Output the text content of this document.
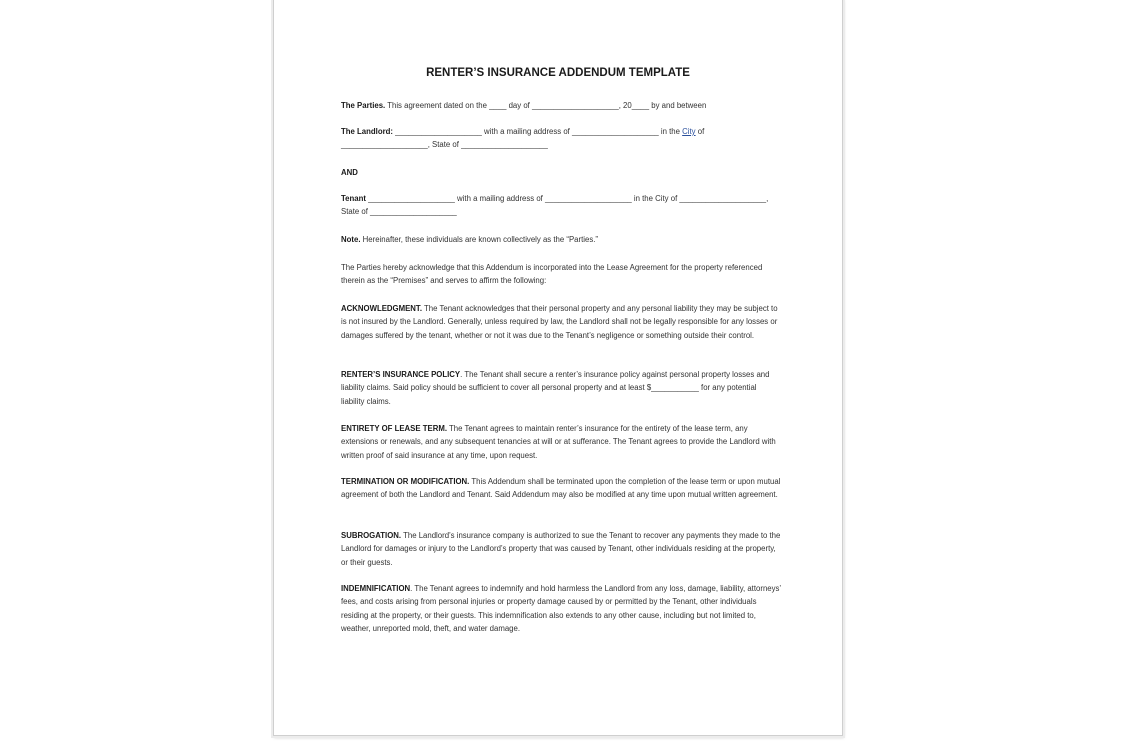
RENTER’S INSURANCE ADDENDUM TEMPLATE
The Parties. This agreement dated on the ____ day of ____________________, 20____ by and between
The Landlord: ____________________ with a mailing address of ____________________ in the City of ____________________, State of ____________________
AND
Tenant ____________________ with a mailing address of ____________________ in the City of ____________________, State of ____________________
Note. Hereinafter, these individuals are known collectively as the “Parties.”
The Parties hereby acknowledge that this Addendum is incorporated into the Lease Agreement for the property referenced therein as the “Premises” and serves to affirm the following:
ACKNOWLEDGMENT. The Tenant acknowledges that their personal property and any personal liability they may be subject to is not insured by the Landlord. Generally, unless required by law, the Landlord shall not be legally responsible for any losses or damages suffered by the tenant, whether or not it was due to the Tenant’s negligence or something outside their control.
RENTER’S INSURANCE POLICY. The Tenant shall secure a renter’s insurance policy against personal property losses and liability claims. Said policy should be sufficient to cover all personal property and at least $___________ for any potential liability claims.
ENTIRETY OF LEASE TERM. The Tenant agrees to maintain renter’s insurance for the entirety of the lease term, any extensions or renewals, and any subsequent tenancies at will or at sufferance. The Tenant agrees to provide the Landlord with written proof of said insurance at any time, upon request.
TERMINATION OR MODIFICATION. This Addendum shall be terminated upon the completion of the lease term or upon mutual agreement of both the Landlord and Tenant. Said Addendum may also be modified at any time upon mutual written agreement.
SUBROGATION. The Landlord’s insurance company is authorized to sue the Tenant to recover any payments they made to the Landlord for damages or injury to the Landlord’s property that was caused by Tenant, other individuals residing at the property, or their guests.
INDEMNIFICATION. The Tenant agrees to indemnify and hold harmless the Landlord from any loss, damage, liability, attorneys’ fees, and costs arising from personal injuries or property damage caused by or permitted by the Tenant, other individuals residing at the property, or their guests. This indemnification also extends to any other cause, including but not limited to, weather, unreported mold, theft, and water damage.
